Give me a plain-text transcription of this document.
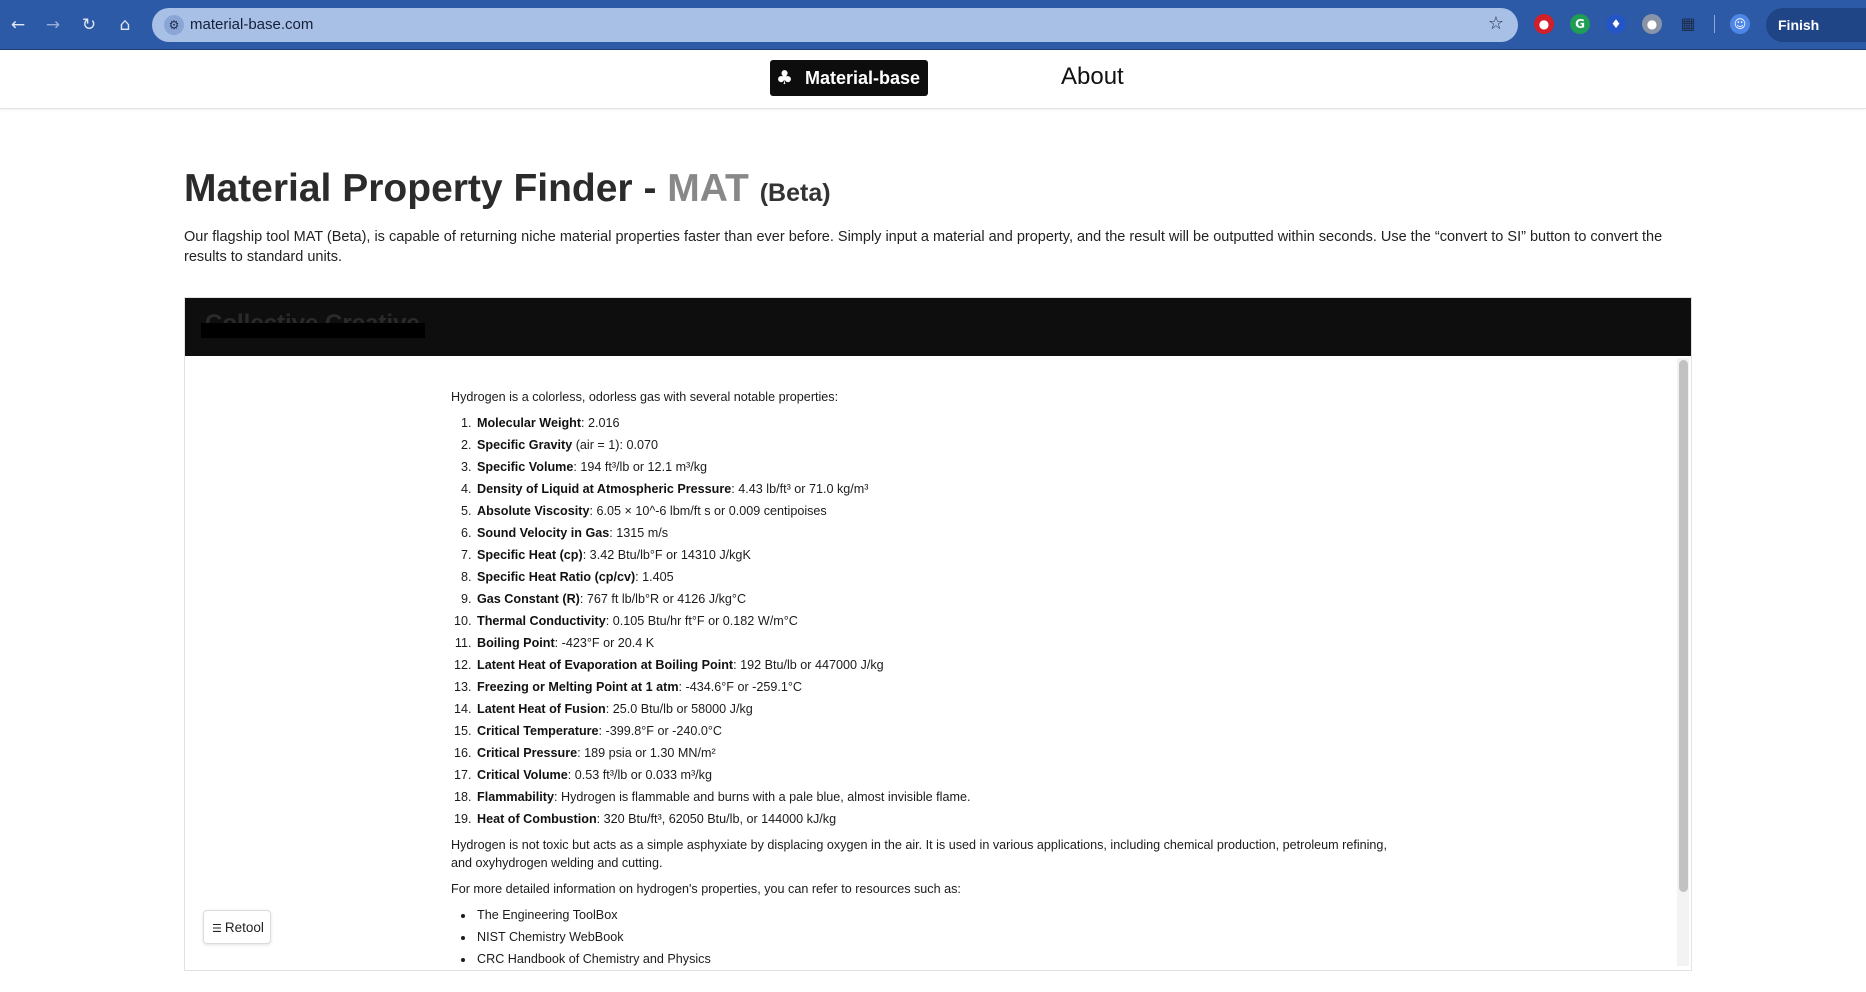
←	→	↻	⌂	⚙ material-base.com	☆	●	G	♦	● ▦	☺	Finish
♣ Material-base	About
Material Property Finder - MAT (Beta)

Our flagship tool MAT (Beta), is capable of returning niche material properties faster than ever before. Simply input a material and property, and the result will be outputted within seconds. Use the “convert to SI” button to convert the results to standard units.

Hydrogen is a colorless, odorless gas with several notable properties:

1. Molecular Weight: 2.016
2. Specific Gravity (air = 1): 0.070
3. Specific Volume: 194 ft³/lb or 12.1 m³/kg
4. Density of Liquid at Atmospheric Pressure: 4.43 lb/ft³ or 71.0 kg/m³
5. Absolute Viscosity: 6.05 × 10^-6 lbm/ft s or 0.009 centipoises
6. Sound Velocity in Gas: 1315 m/s
7. Specific Heat (cp): 3.42 Btu/lb°F or 14310 J/kgK
8. Specific Heat Ratio (cp/cv): 1.405
9. Gas Constant (R): 767 ft lb/lb°R or 4126 J/kg°C
10. Thermal Conductivity: 0.105 Btu/hr ft°F or 0.182 W/m°C
11. Boiling Point: -423°F or 20.4 K
12. Latent Heat of Evaporation at Boiling Point: 192 Btu/lb or 447000 J/kg
13. Freezing or Melting Point at 1 atm: -434.6°F or -259.1°C
14. Latent Heat of Fusion: 25.0 Btu/lb or 58000 J/kg
15. Critical Temperature: -399.8°F or -240.0°C
16. Critical Pressure: 189 psia or 1.30 MN/m²
17. Critical Volume: 0.53 ft³/lb or 0.033 m³/kg
18. Flammability: Hydrogen is flammable and burns with a pale blue, almost invisible flame.
19. Heat of Combustion: 320 Btu/ft³, 62050 Btu/lb, or 144000 kJ/kg

Hydrogen is not toxic but acts as a simple asphyxiate by displacing oxygen in the air. It is used in various applications, including chemical production, petroleum refining, and oxyhydrogen welding and cutting.

For more detailed information on hydrogen's properties, you can refer to resources such as:

• The Engineering ToolBox
• NIST Chemistry WebBook
• CRC Handbook of Chemistry and Physics
☰ Retool
